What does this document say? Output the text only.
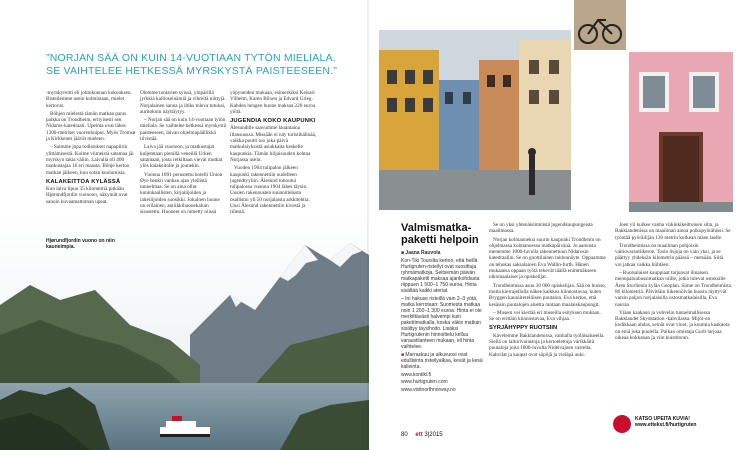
”NORJAN SÄÄ ON KUIN 14-VUOTIAAN TYTÖN MIELIALA.
SE VAIHTELEE HETKESSÄ MYRSKYSTÄ PAISTEESEEN.”

-myrskyreitti eli johtokunnan kokouksen. Bisteilemme usein kolmistaan, mielet kertovat.

Böhjen mielestä tämän matkan paras paikka on Trondheim, erityisesti sen Nidaros-katedraali. Upeinta ovat lähes 1300-metriset vuorenhuiput. Myös Tromsø ja Kirkkenes jäävät mieleen.

– Saimme jopa todistukset napapiirin ylittämisestä. Kolme viimeistä satamaa jäi myrskyn takia väliin. Laivalla oli 400 matkustajaa 16 eri maasta. Böhje kertoo matkan jälkeen, kun sotan kuulumisia.

KALAKEITTOA KYLÄSSÄ

Kun laiva lipuu 35 kilometriä pitkään Hjørundfjordin vuonoon, näkymät ovat sanoin kuvaamattoman upeat.

Olemme tuntarien syissä, ympärillä jyrkkiä kallioseinämiä ja vihreitä niittyjä. Norjalainen sanna ja iltiks toleva tutukai, auritokoin näyttäytyy.

– Norjan sää on kuin 14-vuotiaan tytön mieliala. Se vaihtelee hetkessä myrskystä paisteeseen, laivan ohjelmapäällikkö tiivistää.

Laiva jää vuonoon, ja matkustajat kuljetetaan pienillä veneillä Urken satamaan, josta retkiltaan vievät mutkat ylös kalakeitolle ja jonnekin.

Vuonna 1891 perustettu hotelli Union Øye henkii vanhan ajan ylellistä tunnelmaa. Se on aina ollut kuninkaallisten, kirjailijoiden ja taiteilijoiden suosikki. Jokainen huone on erilainen, antiikkihuonekaluin sisustettu. Huoneet on nimetty niissä

yöpyneiden mukaan, esimerkiksi Keisari Vilhelm, Karen Blixen ja Edvard Grieg. Kahden hengen huone maksaa 220 euroa yöltä.

JUGENDIA KOKO KAUPUNKI

Ålesundille saavumme lauantaina illansuussa. Missään ei näy turistihälinää, vaikka puutti tuo joka päivä matkulaiyksistä asiakkaita keskelle kaupunkia. Tämän hiljaisuuden kohtaa Norjassa usein.

Vuoden 1904 tulipalon jälkeen kaupunki rakennettiin uudelleen jugendtyyliin. Ålesund tuhoutui tulipalossa vuonna 1904 lähes täysin. Uusien rakennusten suunnittelusta osallistui yli 50 norjalaista arkkitehtia. Uusi Ålesund rakennettiin kivestä ja tiilestä.

Hjørundfjordin vuono on niin kauneimpia.
Valmismatka-
paketti helpoin

■ Jaana Rauvola

Kon-Tiki Tourslta kertoo, että heillä Hurtigruten-risteilyt ovat suosittuja ryhmämatkoja. Seitsemän päivän matkapaketti maksaa ajankohdasta riippuen 1 500–1 750 euroa. Hinta sisältää kaikki ateriat.

– Ini hakuse risteillä vain 2–3 yötä, matka kerrotaan: Suomesta matkaa noin 1 200–1 300 euroa. Hinta ei ole merkittävästi halvempi kuin pakettimatkalla, koska väkin matkan sisältyy täysihoito. Lisäksi Hurtigrutenin hinnoittelu kelluu varaustilanteen mukaan, eli hinta vaihtelee.

■ Marraskuu ja alkuvuosi ovat edullisinta risteilyaikaa, kevät ja kesä kalleinta.

www.kontiki.fi

www.hurtigruten.com

www.visitnorthnorway.no

Se on yksi yhtenäisimmistä jugendkaupungeista maailmassa.

Norjan kolmanneksi suurin kaupunki Trondheim on ohjelmassa kolmannessa matkapäivänä. Jo aamusta menemme 1000-luvulla rakennettuun Nidarosin katedraaliin. Se on goottilainen taidonnäyte. Oppaamme on tehokas saksalainen Eva Wallin-furth. Hänen mukaansa oppaan työtä tekevät täällä enimmäkseen ulkomaalaiset ja opiskelijat.

Trondheimissa asuu 30 000 opiskelijaa. Sää on huono, mutta kierrajellulla näkee kaikkea kiinnostavaa, kuten Bryggen kauniiterelliisen puutalon. Eva kertoo, että kesäisin puutalojen aluetta rantaan maalaiskaupungit.

– Museot vei kiertää eri museilla esityksen mukaan. Se on erittäin kiinnostavaa, Eva vihjaa.

SYRJÄHYPPY RUOTSIIN

Kävelemme Bakklandenissa, vanhalla työläisalueella. Siellä on laiturivarastoja ja kertoelettuja värikkäitä puutaloja joita 1600-luvulta Nidelvajoen varrelta. Kahvilat ja kaupat ovat söpöjä ja vieläpä auki.

Joen yli kulkee vanha viikinkikeittoinen silta, ja Bakklandenissa on maailman ainoa polkupyörähissi. Se työntää pyöräilijän 130 metrin korkean mäen laelle.

Trondheimissa on maailman pohjoisin valtiovarautilkeroe. Tosin lisjoja on vain yksi, ja se päättyy yhdeksän kilometrin päässä – metsään. Siitä voi jatkaa vaikka hiihtäen.

– Ruotsalaiset kauppiaat tarjoavat ilmaisen menopaluubussimatkan niille, jotka tulevat ostoksille Åren Storlienin kylän Geoplan. Sinne on Trondheimista 86 kilometriä. Päivittäin liikennöivän bussin täyttyvät varsin paljon norjalaisilla ostosmatkalaisilla, Eva nauraa.

Yläan kaakaon ja vohvelin tunnelmallisessa Bakklandet Skydstation -kahvilassa. Mijöt-on kodikkaan ahdas, seinät ovat vinot, ja kuumia kaakaota on eniä joka puolella. Paikan omistaja Gurli tarjoaa oikeaa kokkanan ja viin kuistitoran.

KATSO UPEITA KUVIA!
www.ettekst.fi/hurtigruten
80 ett 3|2015
